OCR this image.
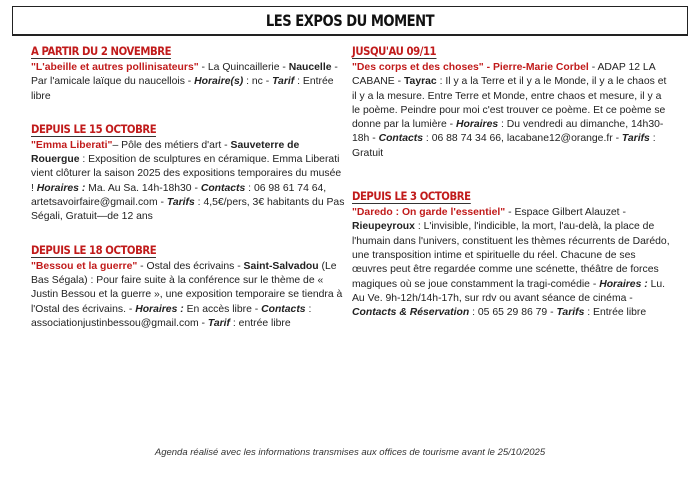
LES EXPOS DU MOMENT
A PARTIR DU 2 NOVEMBRE
"L'abeille et autres pollinisateurs" - La Quincaillerie - Naucelle - Par l'amicale laïque du naucellois - Horaire(s) : nc - Tarif : Entrée libre
DEPUIS LE 15 OCTOBRE
"Emma Liberati"– Pôle des métiers d'art - Sauveterre de Rouergue : Exposition de sculptures en céramique. Emma Liberati vient clôturer la saison 2025 des expositions temporaires du musée ! Horaires : Ma. Au Sa. 14h-18h30 - Contacts : 06 98 61 74 64, artetsavoirfaire@gmail.com - Tarifs : 4,5€/pers, 3€ habitants du Pas Ségali, Gratuit—de 12 ans
DEPUIS LE 18 OCTOBRE
"Bessou et la guerre" - Ostal des écrivains - Saint-Salvadou (Le Bas Ségala) : Pour faire suite à la conférence sur le thème de « Justin Bessou et la guerre », une exposition temporaire se tiendra à l'Ostal des écrivains. - Horaires : En accès libre - Contacts : associationjustinbessou@gmail.com - Tarif : entrée libre
JUSQU'AU 09/11
"Des corps et des choses" - Pierre-Marie Corbel - ADAP 12 LA CABANE - Tayrac : Il y a la Terre et il y a le Monde, il y a le chaos et il y a la mesure. Entre Terre et Monde, entre chaos et mesure, il y a le poème. Peindre pour moi c'est trouver ce poème. Et ce poème se donne par la lumière - Horaires : Du vendredi au dimanche, 14h30-18h - Contacts : 06 88 74 34 66, lacabane12@orange.fr - Tarifs : Gratuit
DEPUIS LE 3 OCTOBRE
"Daredo : On garde l'essentiel" - Espace Gilbert Alauzet - Rieupeyroux : L'invisible, l'indicible, la mort, l'au-delà, la place de l'humain dans l'univers, constituent les thèmes récurrents de Darédo, une transposition intime et spirituelle du réel. Chacune de ses œuvres peut être regardée comme une scénette, théâtre de forces magiques où se joue constamment la tragi-comédie - Horaires : Lu. Au Ve. 9h-12h/14h-17h, sur rdv ou avant séance de cinéma - Contacts & Réservation : 05 65 29 86 79 - Tarifs : Entrée libre
Agenda réalisé avec les informations transmises aux offices de tourisme avant le 25/10/2025
